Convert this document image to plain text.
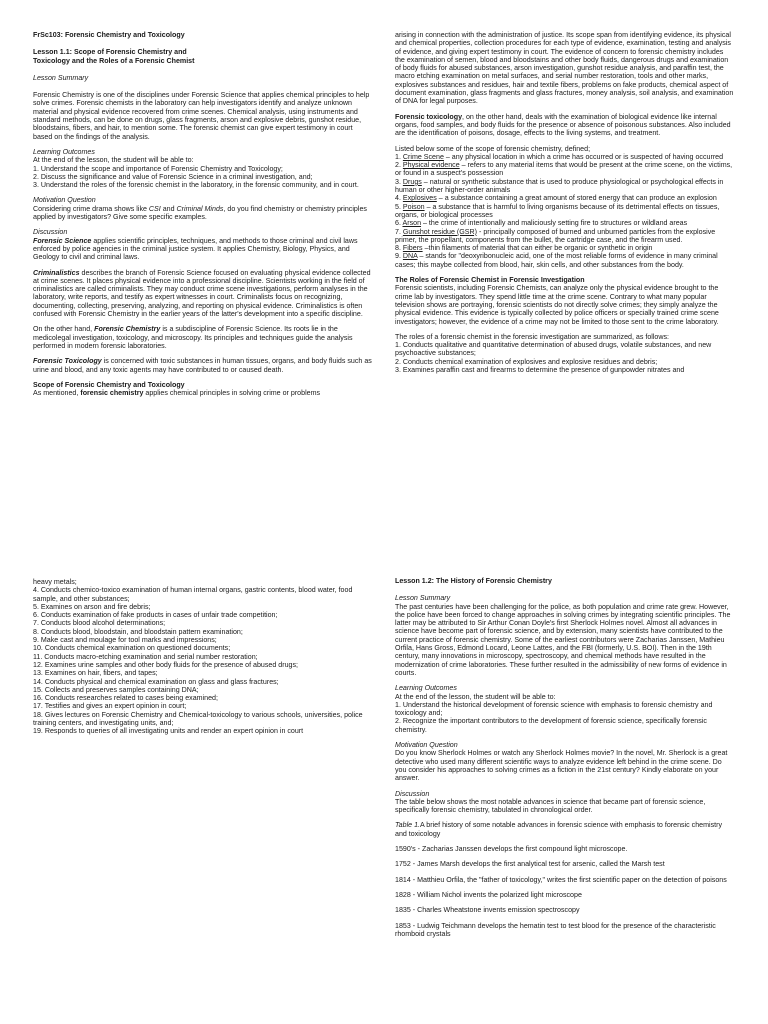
FrSc103: Forensic Chemistry and Toxicology

Lesson 1.1: Scope of Forensic Chemistry and

Toxicology and the Roles of a Forensic Chemist

Lesson Summary

Forensic Chemistry is one of the disciplines under Forensic Science that applies chemical principles to help solve crimes. Forensic chemists in the laboratory can help investigators identify and analyze unknown material and physical evidence recovered from crime scenes. Chemical analysis, using instruments and standard methods, can be done on drugs, glass fragments, arson and explosive debris, gunshot residue, bloodstains, fibers, and hair, to mention some. The forensic chemist can give expert testimony in court based on the findings of the analysis.

Learning Outcomes
At the end of the lesson, the student will be able to:
1. Understand the scope and importance of Forensic Chemistry and Toxicology;
2. Discuss the significance and value of Forensic Science in a criminal investigation, and;
3. Understand the roles of the forensic chemist in the laboratory, in the forensic community, and in court.
Motivation Question

Considering crime drama shows like CSI and Criminal Minds, do you find chemistry or chemistry principles applied by investigators? Give some specific examples.

Discussion

Forensic Science applies scientific principles, techniques, and methods to those criminal and civil laws enforced by police agencies in the criminal justice system. It applies Chemistry, Biology, Physics, and Geology to civil and criminal laws.

Criminalistics describes the branch of Forensic Science focused on evaluating physical evidence collected at crime scenes. It places physical evidence into a professional discipline. Scientists working in the field of criminalistics are called criminalists. They may conduct crime scene investigations, perform analyses in the laboratory, write reports, and testify as expert witnesses in court. Criminalists focus on recognizing, documenting, collecting, preserving, analyzing, and reporting on physical evidence. Criminalistics is often confused with Forensic Chemistry in the earlier years of the latter's development into a specific discipline.

On the other hand, Forensic Chemistry is a subdiscipline of Forensic Science. Its roots lie in the medicolegal investigation, toxicology, and microscopy. Its principles and techniques guide the analysis performed in modern forensic laboratories.

Forensic Toxicology is concerned with toxic substances in human tissues, organs, and body fluids such as urine and blood, and any toxic agents may have contributed to or caused death.

Scope of Forensic Chemistry and Toxicology

As mentioned, forensic chemistry applies chemical principles in solving crime or problems

arising in connection with the administration of justice. Its scope span from identifying evidence, its physical and chemical properties, collection procedures for each type of evidence, examination, testing and analysis of evidence, and giving expert testimony in court. The evidence of concern to forensic chemistry includes the examination of semen, blood and bloodstains and other body fluids, dangerous drugs and examination of body fluids for abused substances, arson investigation, gunshot residue analysis, and paraffin test, the macro etching examination on metal surfaces, and serial number restoration, tools and other marks, explosives substances and residues, hair and textile fibers, problems on fake products, chemical aspect of document examination, glass fragments and glass fractures, money analysis, soil analysis, and examination of DNA for legal purposes.

Forensic toxicology, on the other hand, deals with the examination of biological evidence like internal organs, food samples, and body fluids for the presence or absence of poisonous substances. Also included are the identification of poisons, dosage, effects to the living systems, and treatment.

Listed below some of the scope of forensic chemistry, defined;
1. Crime Scene – any physical location in which a crime has occurred or is suspected of having occurred
2. Physical evidence – refers to any material items that would be present at the crime scene, on the victims, or found in a suspect's possession
3. Drugs – natural or synthetic substance that is used to produce physiological or psychological effects in human or other higher-order animals
4. Explosives – a substance containing a great amount of stored energy that can produce an explosion
5. Poison – a substance that is harmful to living organisms because of its detrimental effects on tissues, organs, or biological processes
6. Arson – the crime of intentionally and maliciously setting fire to structures or wildland areas
7. Gunshot residue (GSR) - principally composed of burned and unburned particles from the explosive primer, the propellant, components from the bullet, the cartridge case, and the firearm used.
8. Fibers –thin filaments of material that can either be organic or synthetic in origin
9. DNA – stands for "deoxyribonucleic acid, one of the most reliable forms of evidence in many criminal cases; this maybe collected from blood, hair, skin cells, and other substances from the body.
The Roles of Forensic Chemist in Forensic Investigation

Forensic scientists, including Forensic Chemists, can analyze only the physical evidence brought to the crime lab by investigators. They spend little time at the crime scene. Contrary to what many popular television shows are portraying, forensic scientists do not directly solve crimes; they simply analyze the physical evidence. This evidence is typically collected by police officers or specially trained crime scene investigators; however, the evidence of a crime may not be limited to those sent to the crime laboratory.

The roles of a forensic chemist in the forensic investigation are summarized, as follows:
1. Conducts qualitative and quantitative determination of abused drugs, volatile substances, and new psychoactive substances;
2. Conducts chemical examination of explosives and explosive residues and debris;
3. Examines paraffin cast and firearms to determine the presence of gunpowder nitrates and
heavy metals;
4. Conducts chemico-toxico examination of human internal organs, gastric contents, blood water, food sample, and other substances;
5. Examines on arson and fire debris;
6. Conducts examination of fake products in cases of unfair trade competition;
7. Conducts blood alcohol determinations;
8. Conducts blood, bloodstain, and bloodstain pattern examination;
9. Make cast and moulage for tool marks and impressions;
10. Conducts chemical examination on questioned documents;
11. Conducts macro-etching examination and serial number restoration;
12. Examines urine samples and other body fluids for the presence of abused drugs;
13. Examines on hair, fibers, and tapes;
14. Conducts physical and chemical examination on glass and glass fractures;
15. Collects and preserves samples containing DNA;
16. Conducts researches related to cases being examined;
17. Testifies and gives an expert opinion in court;
18. Gives lectures on Forensic Chemistry and Chemical-toxicology to various schools, universities, police training centers, and investigating units, and;
19. Responds to queries of all investigating units and render an expert opinion in court

Lesson 1.2: The History of Forensic Chemistry

Lesson Summary

The past centuries have been challenging for the police, as both population and crime rate grew. However, the police have been forced to change approaches in solving crimes by integrating scientific principles. The latter may be attributed to Sir Arthur Conan Doyle's first Sherlock Holmes novel. Almost all advances in science have become part of forensic science, and by extension, many scientists have contributed to the current practice of forensic chemistry. Some of the earliest contributors were Zacharias Janssen, Mathieu Orfila, Hans Gross, Edmond Locard, Leone Lattes, and the FBI (formerly, U.S. BOI). Then in the 19th century, many innovations in microscopy, spectroscopy, and chemical methods have resulted in the modernization of crime laboratories. These further resulted in the admissibility of new forms of evidence in courts.

Learning Outcomes
At the end of the lesson, the student will be able to:
1. Understand the historical development of forensic science with emphasis to forensic chemistry and toxicology and;
2. Recognize the important contributors to the development of forensic science, specifically forensic chemistry.
Motivation Question

Do you know Sherlock Holmes or watch any Sherlock Holmes movie? In the novel, Mr. Sherlock is a great detective who used many different scientific ways to analyze evidence left behind in the crime scene. Do you consider his approaches to solving crimes as a fiction in the 21st century? Kindly elaborate on your answer.

Discussion

The table below shows the most notable advances in science that became part of forensic science, specifically forensic chemistry, tabulated in chronological order.

Table 1.A brief history of some notable advances in forensic science with emphasis to forensic chemistry and toxicology

1590's - Zacharias Janssen develops the first compound light microscope.

1752 - James Marsh develops the first analytical test for arsenic, called the Marsh test

1814 - Matthieu Orfila, the "father of toxicology," writes the first scientific paper on the detection of poisons

1828 - William Nichol invents the polarized light microscope

1835 - Charles Wheatstone invents emission spectroscopy

1853 - Ludwig Teichmann develops the hematin test to test blood for the presence of the characteristic rhomboid crystals
